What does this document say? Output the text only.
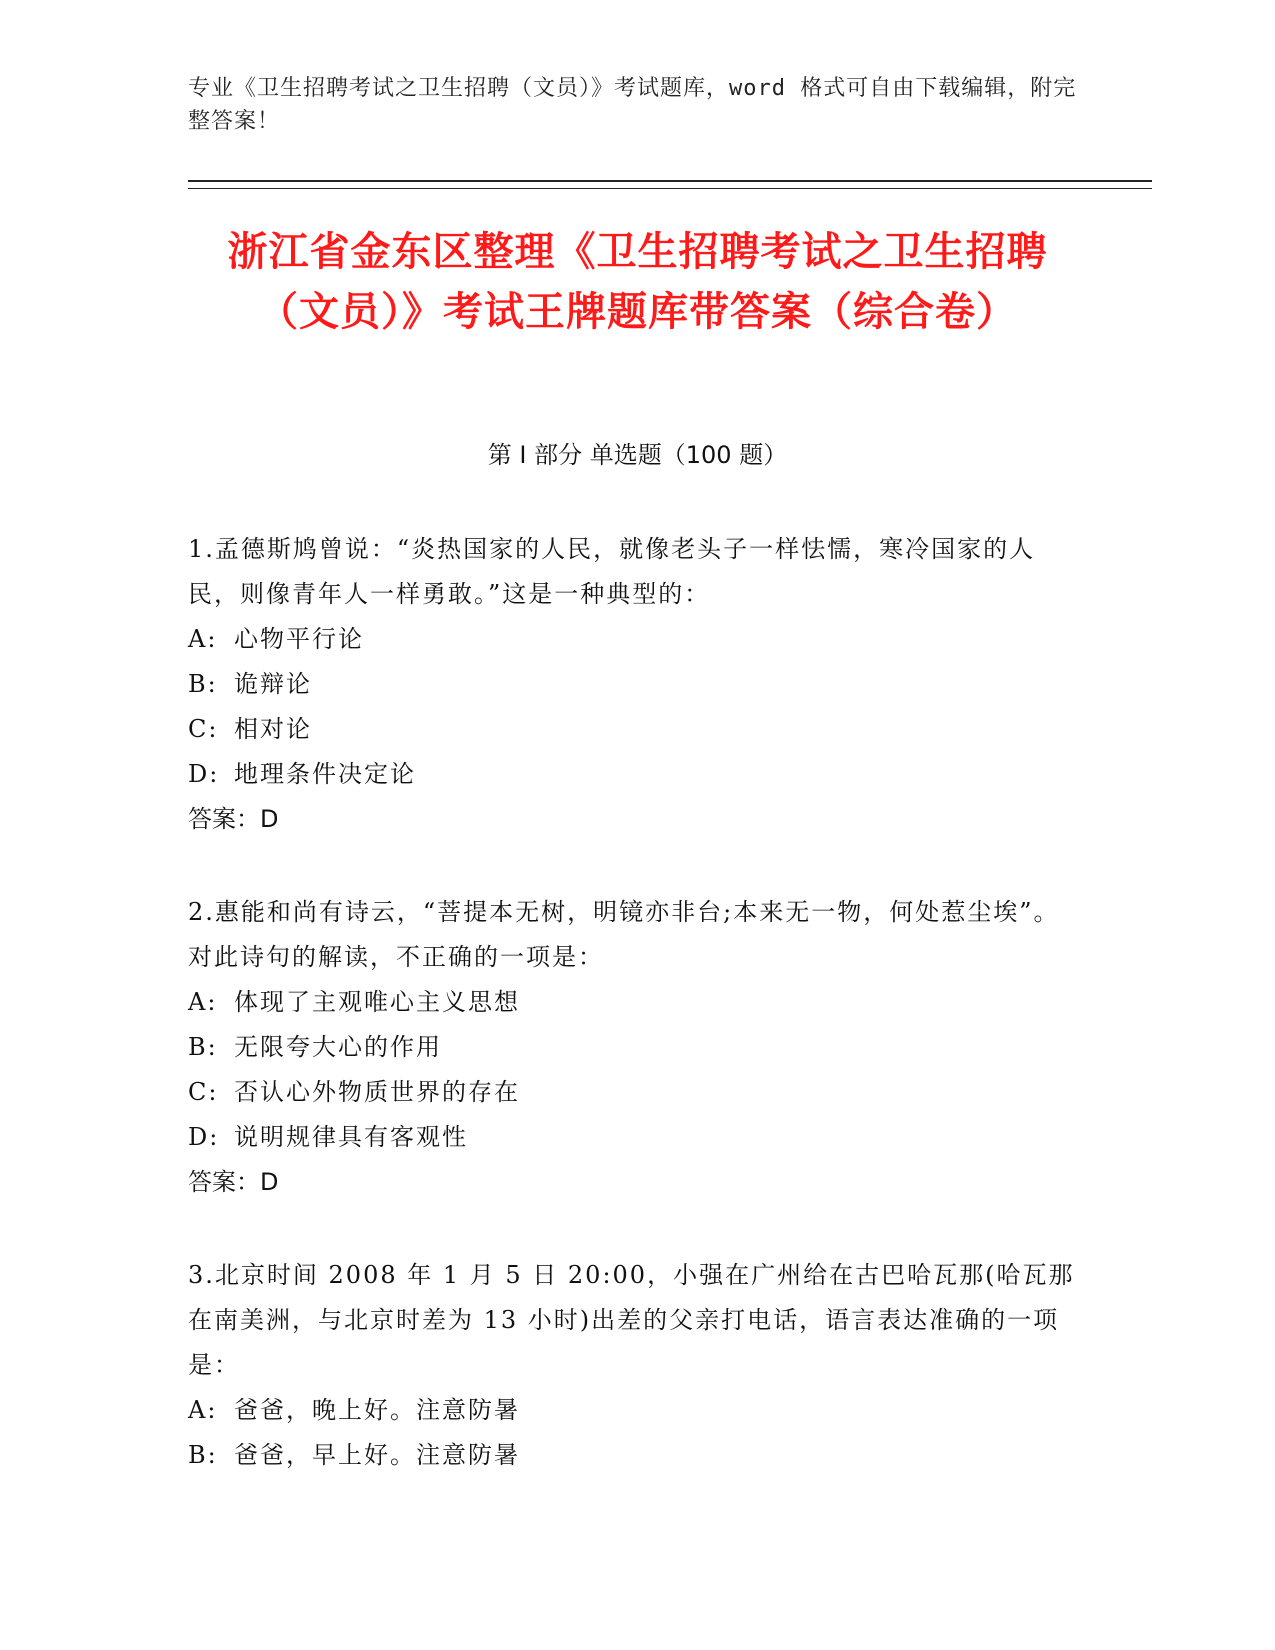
专业《卫生招聘考试之卫生招聘（文员）》考试题库，word 格式可自由下载编辑，附完整答案！
浙江省金东区整理《卫生招聘考试之卫生招聘（文员）》考试王牌题库带答案（综合卷）
第 I 部分 单选题（100 题）

1.孟德斯鸠曾说：“炎热国家的人民，就像老头子一样怯懦，寒冷国家的人民，则像青年人一样勇敢。”这是一种典型的：

A: 心物平行论

B: 诡辩论

C: 相对论

D: 地理条件决定论

答案：D

2.惠能和尚有诗云，“菩提本无树，明镜亦非台;本来无一物，何处惹尘埃”。对此诗句的解读，不正确的一项是：

A: 体现了主观唯心主义思想

B: 无限夸大心的作用

C: 否认心外物质世界的存在

D: 说明规律具有客观性

答案：D

3.北京时间 2008 年 1 月 5 日 20:00，小强在广州给在古巴哈瓦那(哈瓦那在南美洲，与北京时差为 13 小时)出差的父亲打电话，语言表达准确的一项是：

A: 爸爸，晚上好。注意防暑

B: 爸爸，早上好。注意防暑
